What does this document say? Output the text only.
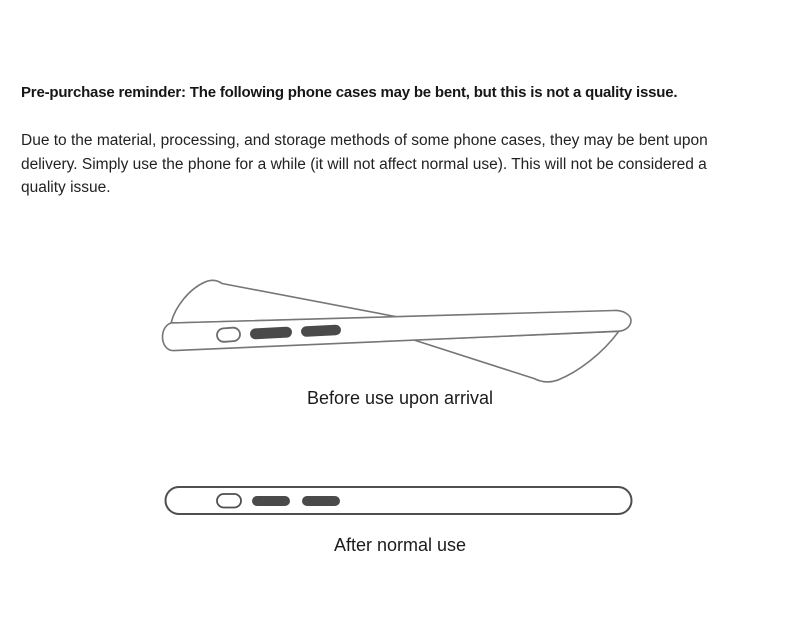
Pre-purchase reminder: The following phone cases may be bent, but this is not a quality issue.
Due to the material, processing, and storage methods of some phone cases, they may be bent upon
delivery. Simply use the phone for a while (it will not affect normal use). This will not be considered a
quality issue.
Before use upon arrival
After normal use
